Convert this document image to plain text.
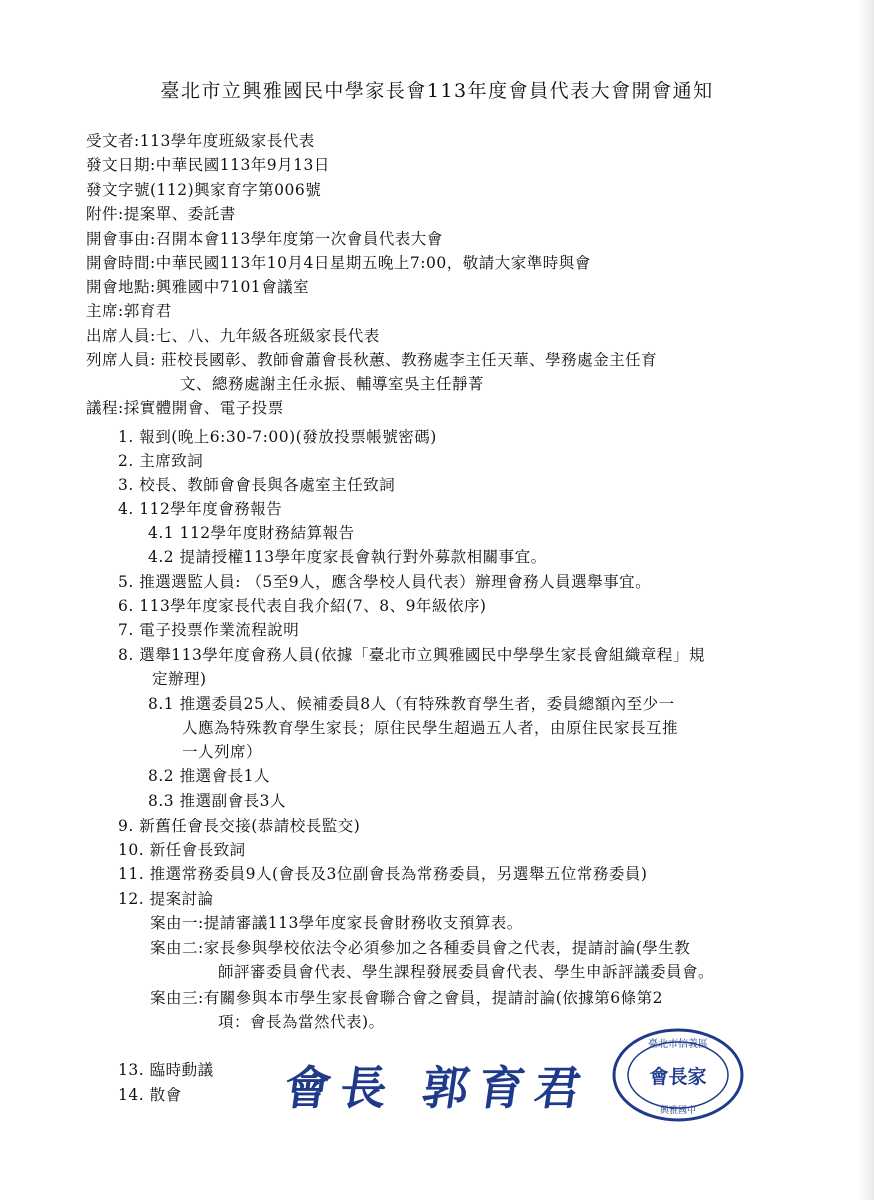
臺北市立興雅國民中學家長會113年度會員代表大會開會通知
受文者:113學年度班級家長代表
發文日期:中華民國113年9月13日
發文字號(112)興家育字第006號
附件:提案單、委託書
開會事由:召開本會113學年度第一次會員代表大會
開會時間:中華民國113年10月4日星期五晚上7:00，敬請大家準時與會
開會地點:興雅國中7101會議室
主席:郭育君
出席人員:七、八、九年級各班級家長代表
列席人員: 莊校長國彰、教師會蕭會長秋蕙、教務處李主任天華、學務處金主任育
文、總務處謝主任永振、輔導室吳主任靜菁
議程:採實體開會、電子投票
1. 報到(晚上6:30-7:00)(發放投票帳號密碼)
2. 主席致詞
3. 校長、教師會會長與各處室主任致詞
4. 112學年度會務報告
4.1 112學年度財務結算報告
4.2 提請授權113學年度家長會執行對外募款相關事宜。
5. 推選選監人員: （5至9人，應含學校人員代表）辦理會務人員選舉事宜。
6. 113學年度家長代表自我介紹(7、8、9年級依序)
7. 電子投票作業流程說明
8. 選舉113學年度會務人員(依據「臺北市立興雅國民中學學生家長會組織章程」規
定辦理)
8.1 推選委員25人、候補委員8人（有特殊教育學生者，委員總額內至少一
人應為特殊教育學生家長；原住民學生超過五人者，由原住民家長互推
一人列席）
8.2 推選會長1人
8.3 推選副會長3人
9. 新舊任會長交接(恭請校長監交)
10. 新任會長致詞
11. 推選常務委員9人(會長及3位副會長為常務委員，另選舉五位常務委員)
12. 提案討論
案由一:提請審議113學年度家長會財務收支預算表。
案由二:家長參與學校依法令必須參加之各種委員會之代表，提請討論(學生教
師評審委員會代表、學生課程發展委員會代表、學生申訴評議委員會。
案由三:有關參與本市學生家長會聯合會之會員，提請討論(依據第6條第2
項：會長為當然代表)。
13. 臨時動議
14. 散會 會長 郭育君
臺北市信義區
會長家
興雅國中
